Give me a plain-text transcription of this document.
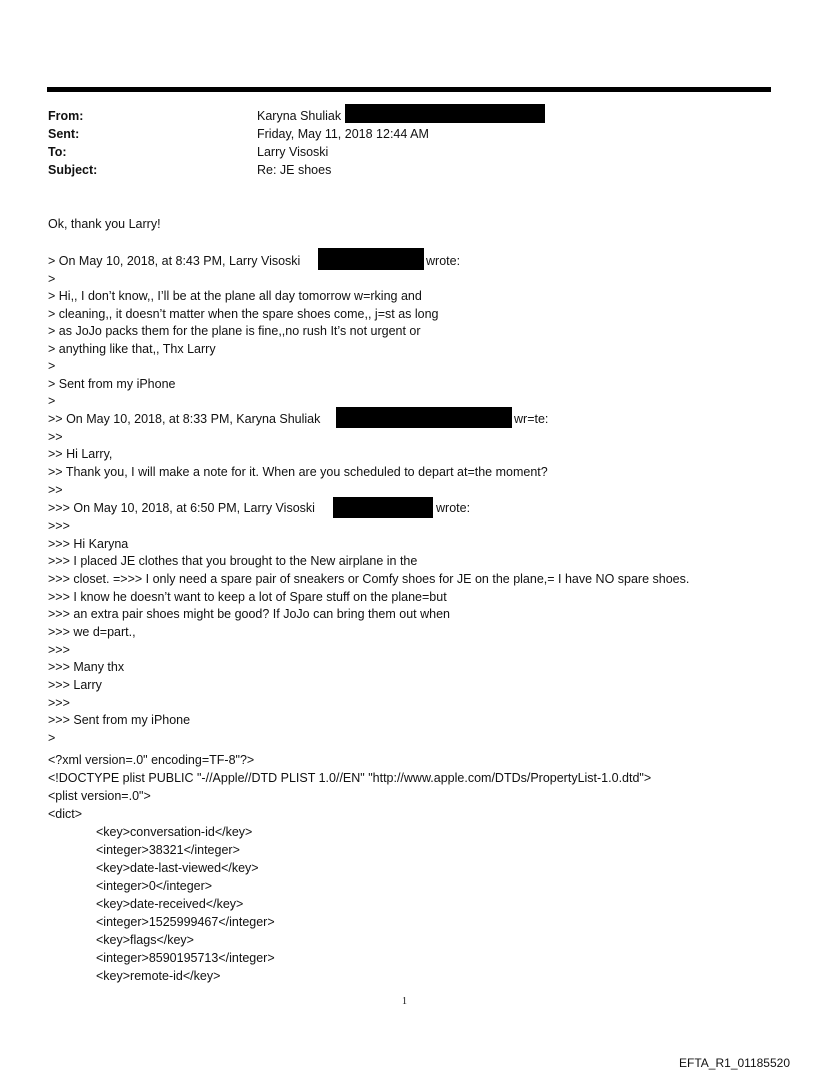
From:	Karyna Shuliak
Sent:	Friday, May 11, 2018 12:44 AM
To:	Larry Visoski
Subject:	Re: JE shoes
Ok, thank you Larry!
> On May 10, 2018, at 8:43 PM, Larry Visoski	wrote:
>
> Hi,, I don’t know,, I’ll be at the plane all day tomorrow w=rking and
> cleaning,, it doesn’t matter when the spare shoes come,, j=st as long
> as JoJo packs them for the plane is fine,,no rush It’s not urgent or
> anything like that,, Thx Larry
>
> Sent from my iPhone
>
>> On May 10, 2018, at 8:33 PM, Karyna Shuliak	wr=te:
>>
>> Hi Larry,
>> Thank you, I will make a note for it. When are you scheduled to depart at=the moment?
>>
>>> On May 10, 2018, at 6:50 PM, Larry Visoski	wrote:
>>>
>>> Hi Karyna
>>> I placed JE clothes that you brought to the New airplane in the
>>> closet. =>>> I only need a spare pair of sneakers or Comfy shoes for JE on the plane,= I have NO spare shoes.
>>> I know he doesn’t want to keep a lot of Spare stuff on the plane=but
>>> an extra pair shoes might be good? If JoJo can bring them out when
>>> we d=part.,
>>>
>>> Many thx
>>> Larry
>>>
>>> Sent from my iPhone
>
<?xml version=.0" encoding=TF-8"?>
<!DOCTYPE plist PUBLIC "-//Apple//DTD PLIST 1.0//EN" "http://www.apple.com/DTDs/PropertyList-1.0.dtd">
<plist version=.0">
<dict>
<key>conversation-id</key>
<integer>38321</integer>
<key>date-last-viewed</key>
<integer>0</integer>
<key>date-received</key>
<integer>1525999467</integer>
<key>flags</key>
<integer>8590195713</integer>
<key>remote-id</key>
1
EFTA_R1_01185520
